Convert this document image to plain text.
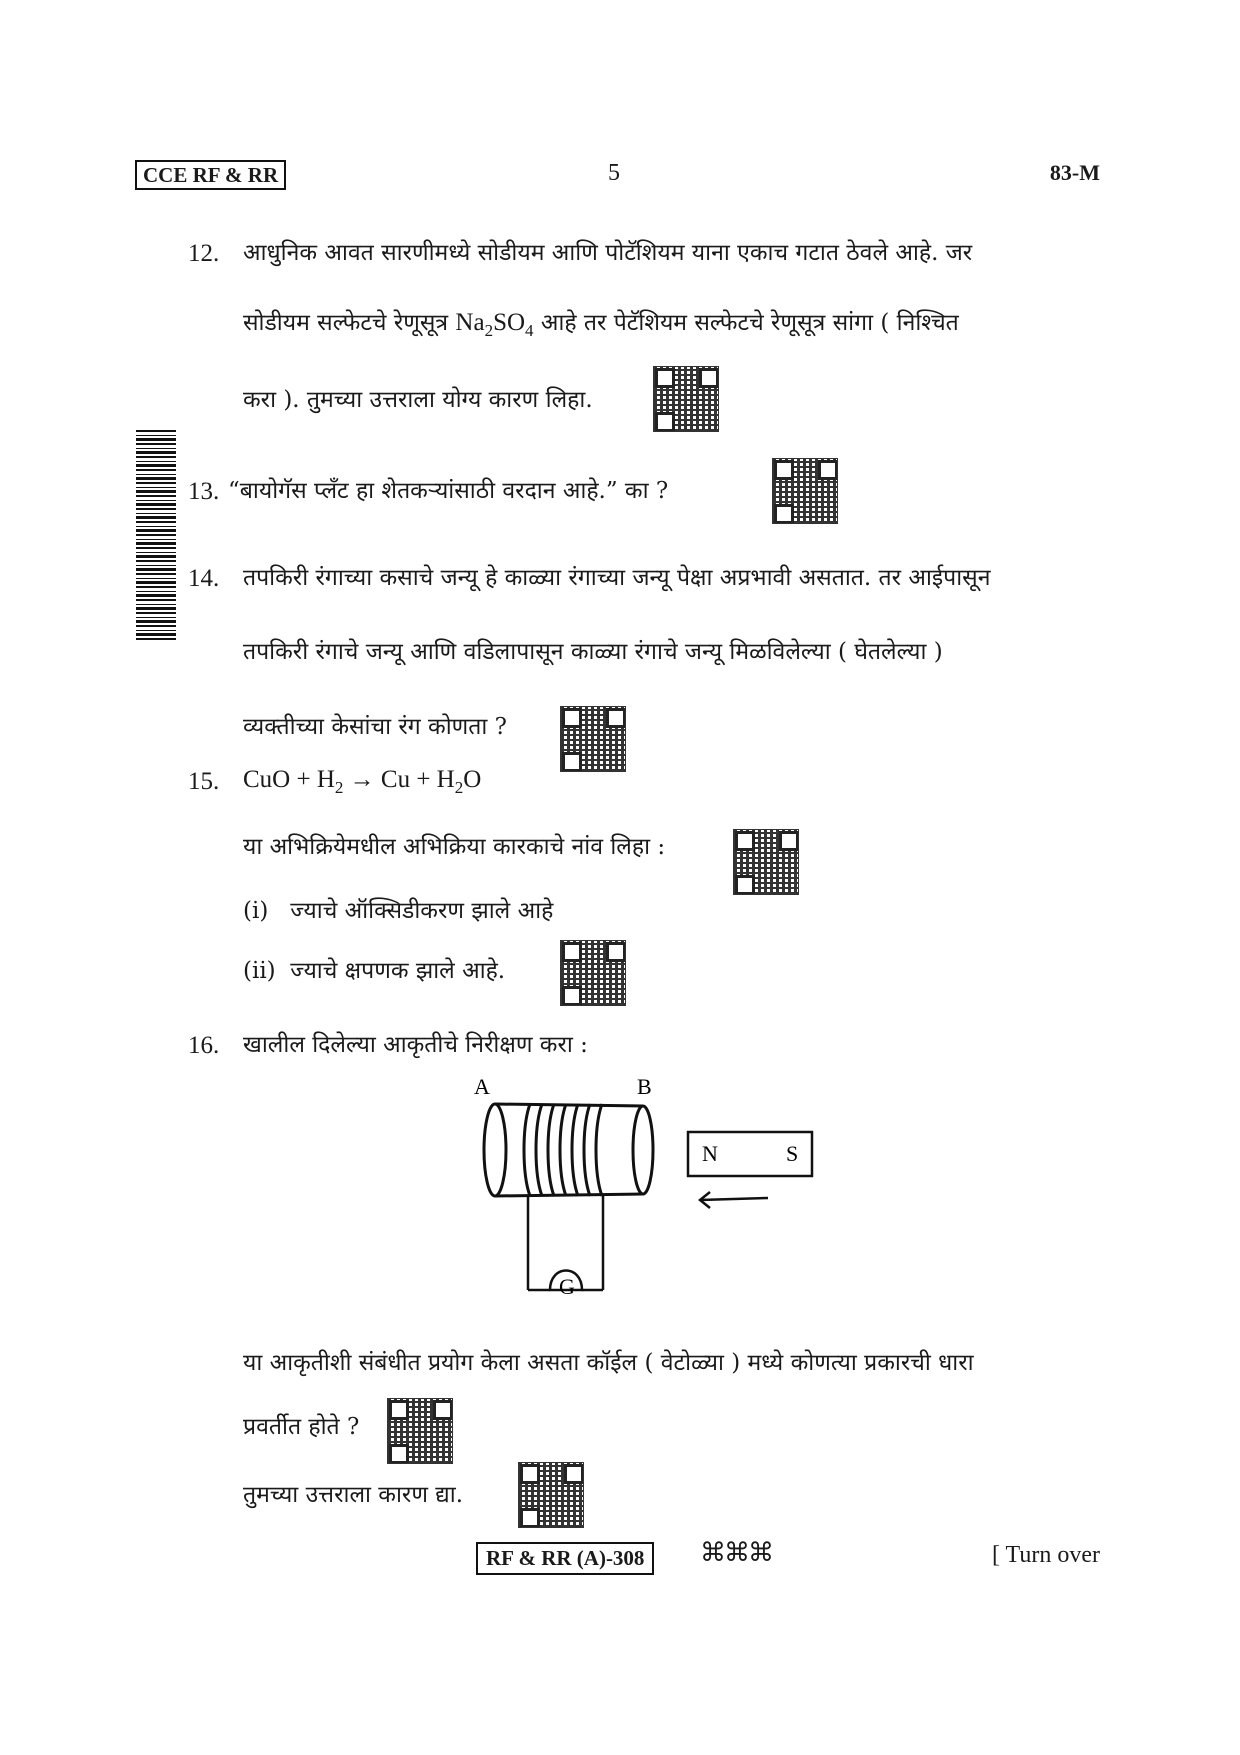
CCE RF & RR	5	83-M
12. आधुनिक आवत सारणीमध्ये सोडीयम आणि पोटॅशियम याना एकाच गटात ठेवले आहे. जर
सोडीयम सल्फेटचे रेणूसूत्र $Na_2SO_4$ आहे तर पेटॅशियम सल्फेटचे रेणूसूत्र सांगा ( निश्चित
करा ). तुमच्या उत्तराला योग्य कारण लिहा.
13. “बायोगॅस प्लँट हा शेतकऱ्यांसाठी वरदान आहे.” का ?
14. तपकिरी रंगाच्या कसाचे जन्यू हे काळ्या रंगाच्या जन्यू पेक्षा अप्रभावी असतात. तर आईपासून
तपकिरी रंगाचे जन्यू आणि वडिलापासून काळ्या रंगाचे जन्यू मिळविलेल्या ( घेतलेल्या )
व्यक्तीच्या केसांचा रंग कोणता ?
15. CuO + $H_2 \to Cu + H_2O$
या अभिक्रियेमधील अभिक्रिया कारकाचे नांव लिहा :
(i) ज्याचे ऑक्सिडीकरण झाले आहे
(ii) ज्याचे क्षपणक झाले आहे.
16. खालील दिलेल्या आकृतीचे निरीक्षण करा :
A	B
G
N	S
या आकृतीशी संबंधीत प्रयोग केला असता कॉईल ( वेटोळ्या ) मध्ये कोणत्या प्रकारची धारा
प्रवर्तीत होते ?
तुमच्या उत्तराला कारण द्या.
RF & RR (A)-308	⌘⌘⌘	[ Turn over
